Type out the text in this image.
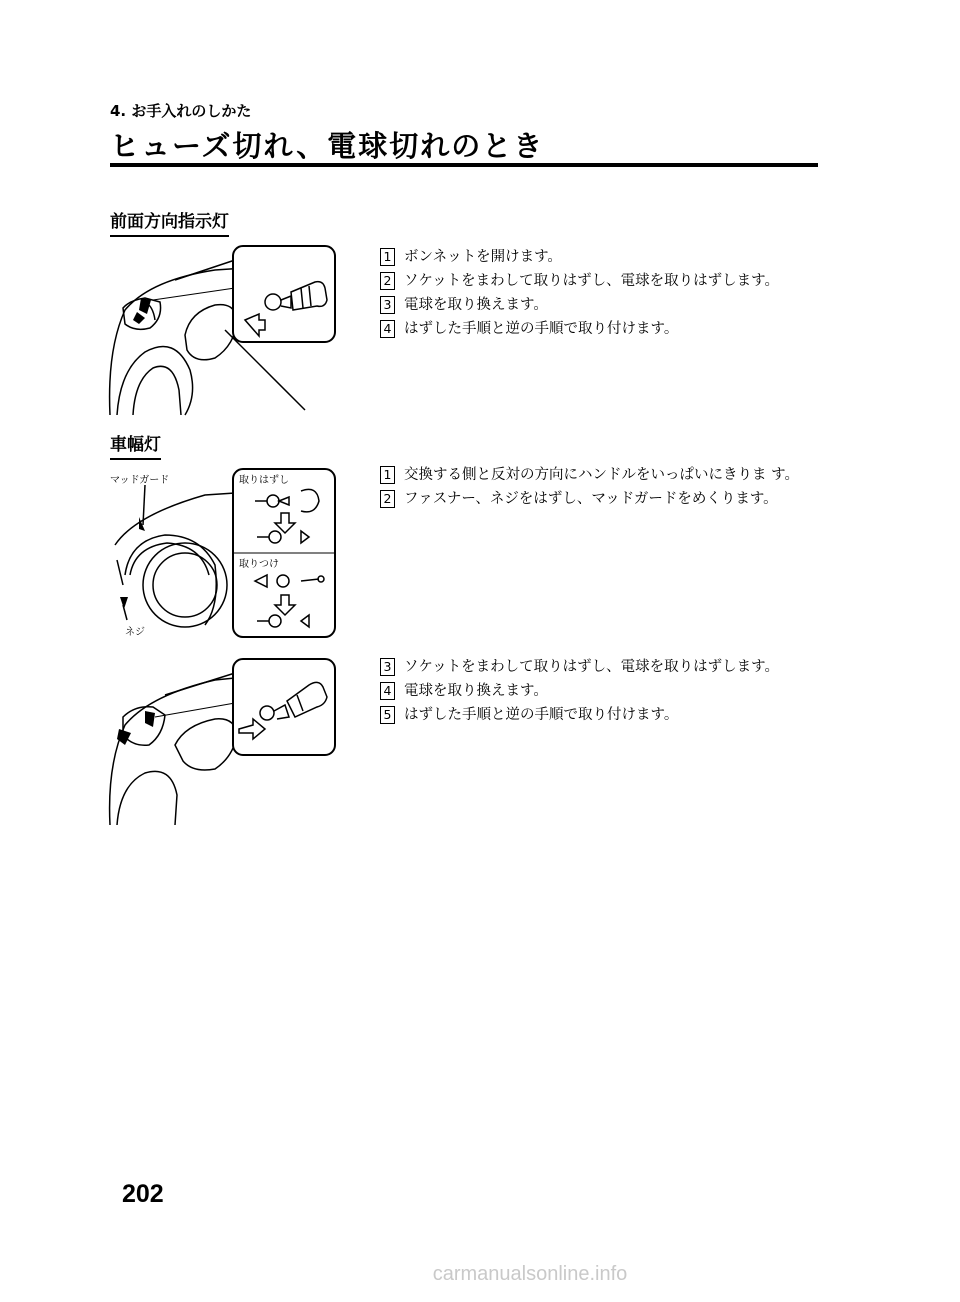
4. お手入れのしかた
ヒューズ切れ、電球切れのとき
前面方向指示灯
1 ボンネットを開けます。
2 ソケットをまわして取りはずし、電球を取りはずします。
3 電球を取り換えます。
4 はずした手順と逆の手順で取り付けます。
車幅灯
マッドガード
ネジ
取りはずし
取りつけ
1 交換する側と反対の方向にハンドルをいっぱいにきりま す。
2 ファスナー、ネジをはずし、マッドガードをめくります。
3 ソケットをまわして取りはずし、電球を取りはずします。
4 電球を取り換えます。
5 はずした手順と逆の手順で取り付けます。
202
carmanualsonline.info
